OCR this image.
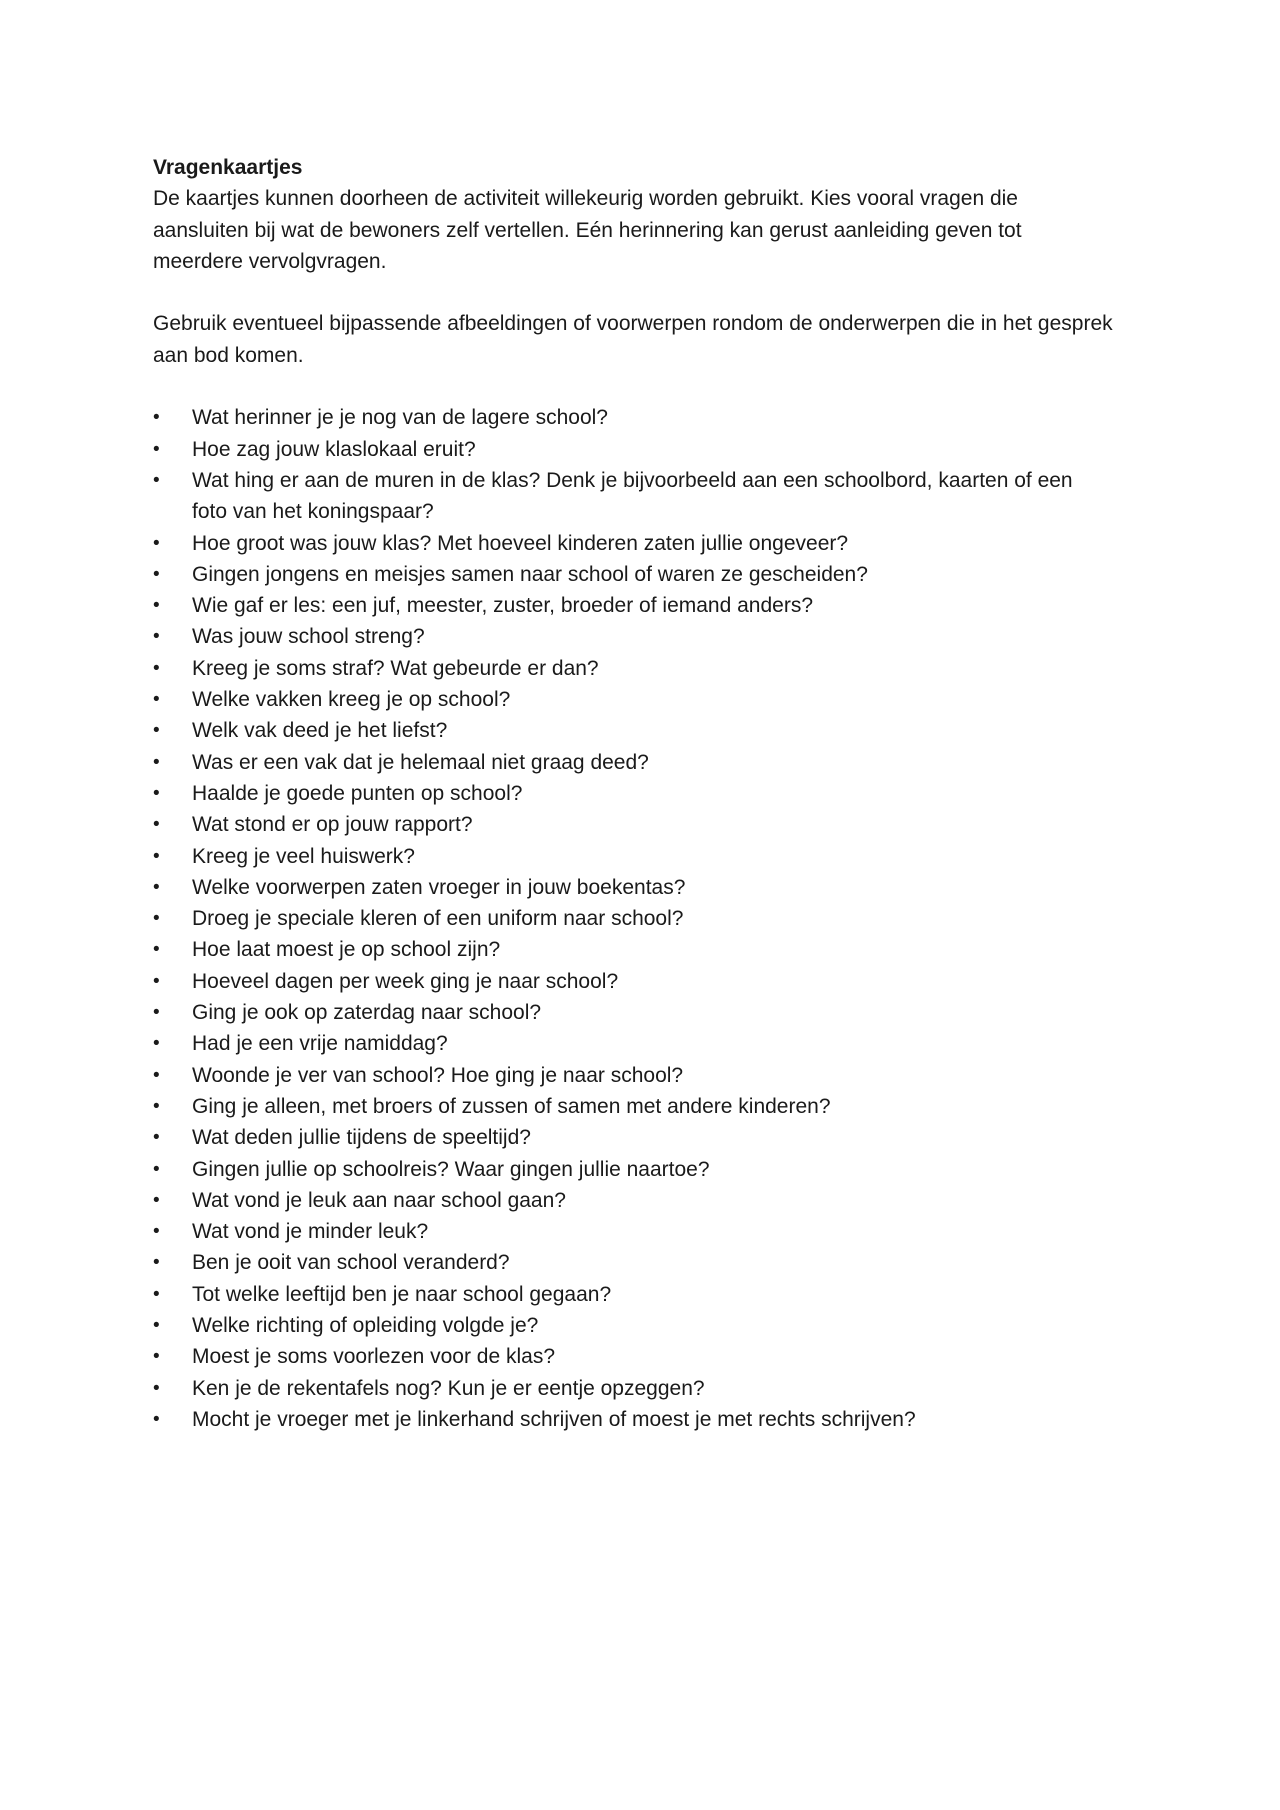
Vragenkaartjes

De kaartjes kunnen doorheen de activiteit willekeurig worden gebruikt. Kies vooral vragen die aansluiten bij wat de bewoners zelf vertellen. Eén herinnering kan gerust aanleiding geven tot meerdere vervolgvragen.

Gebruik eventueel bijpassende afbeeldingen of voorwerpen rondom de onderwerpen die in het gesprek aan bod komen.

•	Wat herinner je je nog van de lagere school?
•	Hoe zag jouw klaslokaal eruit?
•	Wat hing er aan de muren in de klas? Denk je bijvoorbeeld aan een schoolbord, kaarten of een foto van het koningspaar?
•	Hoe groot was jouw klas? Met hoeveel kinderen zaten jullie ongeveer?
•	Gingen jongens en meisjes samen naar school of waren ze gescheiden?
•	Wie gaf er les: een juf, meester, zuster, broeder of iemand anders?
•	Was jouw school streng?
•	Kreeg je soms straf? Wat gebeurde er dan?
•	Welke vakken kreeg je op school?
•	Welk vak deed je het liefst?
•	Was er een vak dat je helemaal niet graag deed?
•	Haalde je goede punten op school?
•	Wat stond er op jouw rapport?
•	Kreeg je veel huiswerk?
•	Welke voorwerpen zaten vroeger in jouw boekentas?
•	Droeg je speciale kleren of een uniform naar school?
•	Hoe laat moest je op school zijn?
•	Hoeveel dagen per week ging je naar school?
•	Ging je ook op zaterdag naar school?
•	Had je een vrije namiddag?
•	Woonde je ver van school? Hoe ging je naar school?
•	Ging je alleen, met broers of zussen of samen met andere kinderen?
•	Wat deden jullie tijdens de speeltijd?
•	Gingen jullie op schoolreis? Waar gingen jullie naartoe?
•	Wat vond je leuk aan naar school gaan?
•	Wat vond je minder leuk?
•	Ben je ooit van school veranderd?
•	Tot welke leeftijd ben je naar school gegaan?
•	Welke richting of opleiding volgde je?
•	Moest je soms voorlezen voor de klas?
•	Ken je de rekentafels nog? Kun je er eentje opzeggen?
•	Mocht je vroeger met je linkerhand schrijven of moest je met rechts schrijven?
